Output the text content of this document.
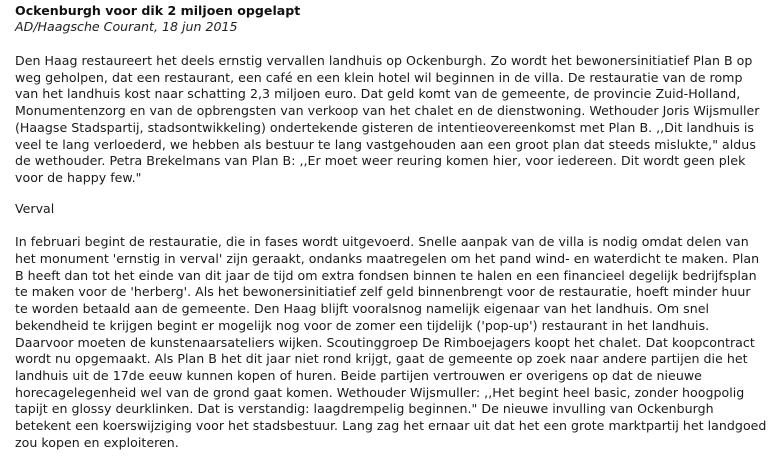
Ockenburgh voor dik 2 miljoen opgelapt
AD/Haagsche Courant, 18 jun 2015

Den Haag restaureert het deels ernstig vervallen landhuis op Ockenburgh. Zo wordt het bewonersinitiatief Plan B op weg geholpen, dat een restaurant, een café en een klein hotel wil beginnen in de villa. De restauratie van de romp van het landhuis kost naar schatting 2,3 miljoen euro. Dat geld komt van de gemeente, de provincie Zuid-Holland, Monumentenzorg en van de opbrengsten van verkoop van het chalet en de dienstwoning. Wethouder Joris Wijsmuller (Haagse Stadspartij, stadsontwikkeling) ondertekende gisteren de intentieovereenkomst met Plan B. ,,Dit landhuis is veel te lang verloederd, we hebben als bestuur te lang vastgehouden aan een groot plan dat steeds mislukte," aldus de wethouder. Petra Brekelmans van Plan B: ,,Er moet weer reuring komen hier, voor iedereen. Dit wordt geen plek voor de happy few."

Verval

In februari begint de restauratie, die in fases wordt uitgevoerd. Snelle aanpak van de villa is nodig omdat delen van het monument 'ernstig in verval' zijn geraakt, ondanks maatregelen om het pand wind- en waterdicht te maken. Plan B heeft dan tot het einde van dit jaar de tijd om extra fondsen binnen te halen en een financieel degelijk bedrijfsplan te maken voor de 'herberg'. Als het bewonersinitiatief zelf geld binnenbrengt voor de restauratie, hoeft minder huur te worden betaald aan de gemeente. Den Haag blijft vooralsnog namelijk eigenaar van het landhuis. Om snel bekendheid te krijgen begint er mogelijk nog voor de zomer een tijdelijk ('pop-up') restaurant in het landhuis. Daarvoor moeten de kunstenaarsateliers wijken. Scoutinggroep De Rimboejagers koopt het chalet. Dat koopcontract wordt nu opgemaakt. Als Plan B het dit jaar niet rond krijgt, gaat de gemeente op zoek naar andere partijen die het landhuis uit de 17de eeuw kunnen kopen of huren. Beide partijen vertrouwen er overigens op dat de nieuwe horecagelegenheid wel van de grond gaat komen. Wethouder Wijsmuller: ,,Het begint heel basic, zonder hoogpolig tapijt en glossy deurklinken. Dat is verstandig: laagdrempelig beginnen." De nieuwe invulling van Ockenburgh betekent een koerswijziging voor het stadsbestuur. Lang zag het ernaar uit dat het een grote marktpartij het landgoed zou kopen en exploiteren.
